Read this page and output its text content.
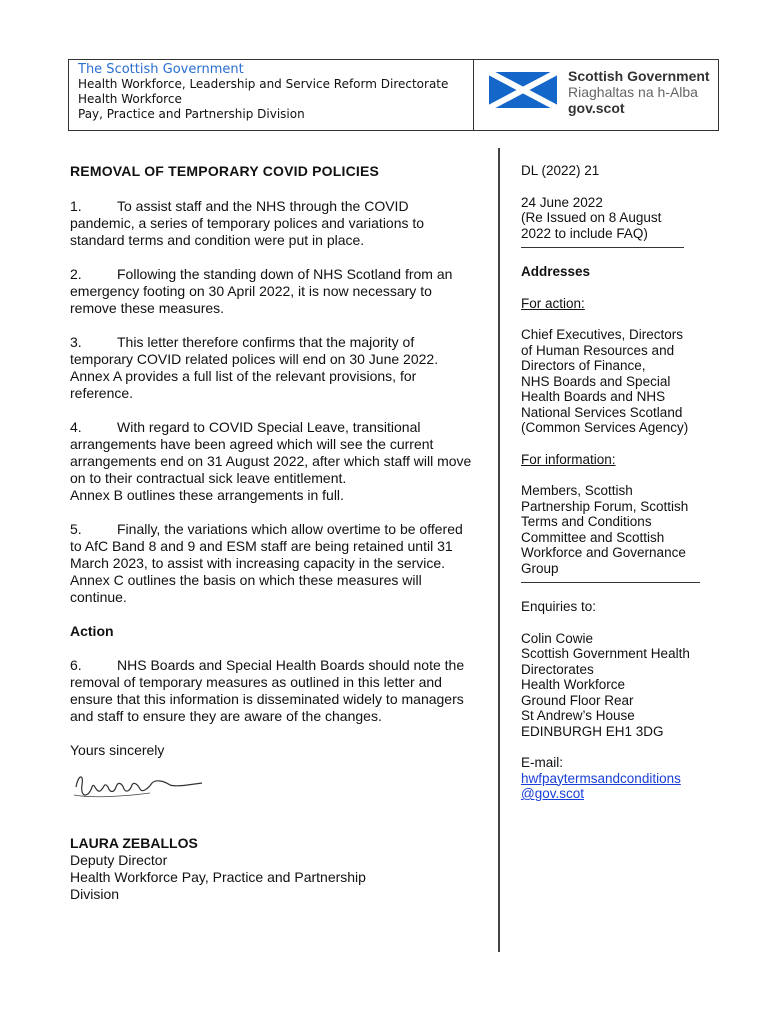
The Scottish Government
Health Workforce, Leadership and Service Reform Directorate
Health Workforce
Pay, Practice and Partnership Division
Scottish Government
Riaghaltas na h-Alba
gov.scot

REMOVAL OF TEMPORARY COVID POLICIES

1.	To assist staff and the NHS through the COVID pandemic, a series of temporary polices and variations to standard terms and condition were put in place.

2.	Following the standing down of NHS Scotland from an emergency footing on 30 April 2022, it is now necessary to remove these measures.

3.	This letter therefore confirms that the majority of temporary COVID related polices will end on 30 June 2022. Annex A provides a full list of the relevant provisions, for reference.

4.	With regard to COVID Special Leave, transitional arrangements have been agreed which will see the current arrangements end on 31 August 2022, after which staff will move on to their contractual sick leave entitlement.
Annex B outlines these arrangements in full.

5.	Finally, the variations which allow overtime to be offered to AfC Band 8 and 9 and ESM staff are being retained until 31 March 2023, to assist with increasing capacity in the service. Annex C outlines the basis on which these measures will continue.

Action

6.	NHS Boards and Special Health Boards should note the removal of temporary measures as outlined in this letter and ensure that this information is disseminated widely to managers and staff to ensure they are aware of the changes.

Yours sincerely

LAURA ZEBALLOS

Deputy Director

Health Workforce Pay, Practice and Partnership

Division

DL (2022) 21

24 June 2022

(Re Issued on 8 August

2022 to include FAQ)

Addresses

For action:

Chief Executives, Directors

of Human Resources and

Directors of Finance,

NHS Boards and Special

Health Boards and NHS

National Services Scotland

(Common Services Agency)

For information:

Members, Scottish

Partnership Forum, Scottish

Terms and Conditions

Committee and Scottish

Workforce and Governance

Group

Enquiries to:

Colin Cowie

Scottish Government Health

Directorates

Health Workforce

Ground Floor Rear

St Andrew’s House

EDINBURGH EH1 3DG

E-mail:

hwfpaytermsandconditions

@gov.scot
